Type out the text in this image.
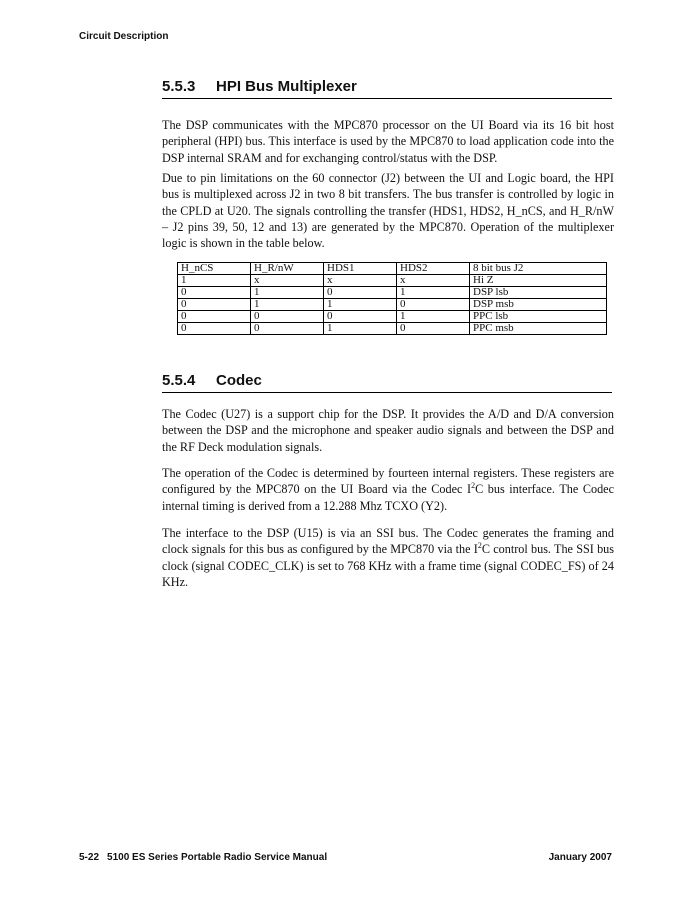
Circuit Description
5.5.3 HPI Bus Multiplexer

The DSP communicates with the MPC870 processor on the UI Board via its 16 bit host peripheral (HPI) bus. This interface is used by the MPC870 to load application code into the DSP internal SRAM and for exchanging control/status with the DSP.

Due to pin limitations on the 60 connector (J2) between the UI and Logic board, the HPI bus is multiplexed across J2 in two 8 bit transfers. The bus transfer is controlled by logic in the CPLD at U20. The signals controlling the transfer (HDS1, HDS2, H_nCS, and H_R/nW – J2 pins 39, 50, 12 and 13) are generated by the MPC870. Operation of the multiplexer logic is shown in the table below.

H_nCS	H_R/nW	HDS1	HDS2	8 bit bus J2
1	x	x	x	Hi Z
0	1	0	1	DSP lsb
0	1	1	0	DSP msb
0	0	0	1	PPC lsb
0	0	1	0	PPC msb
5.5.4 Codec

The Codec (U27) is a support chip for the DSP. It provides the A/D and D/A conversion between the DSP and the microphone and speaker audio signals and between the DSP and the RF Deck modulation signals.

The operation of the Codec is determined by fourteen internal registers. These registers are configured by the MPC870 on the UI Board via the Codec $I^2C$ bus interface. The Codec internal timing is derived from a 12.288 Mhz TCXO (Y2).

The interface to the DSP (U15) is via an SSI bus. The Codec generates the framing and clock signals for this bus as configured by the MPC870 via the $I^2C$ control bus. The SSI bus clock (signal CODEC_CLK) is set to 768 KHz with a frame time (signal CODEC_FS) of 24 KHz.

5-22 5100 ES Series Portable Radio Service Manual	January 2007
